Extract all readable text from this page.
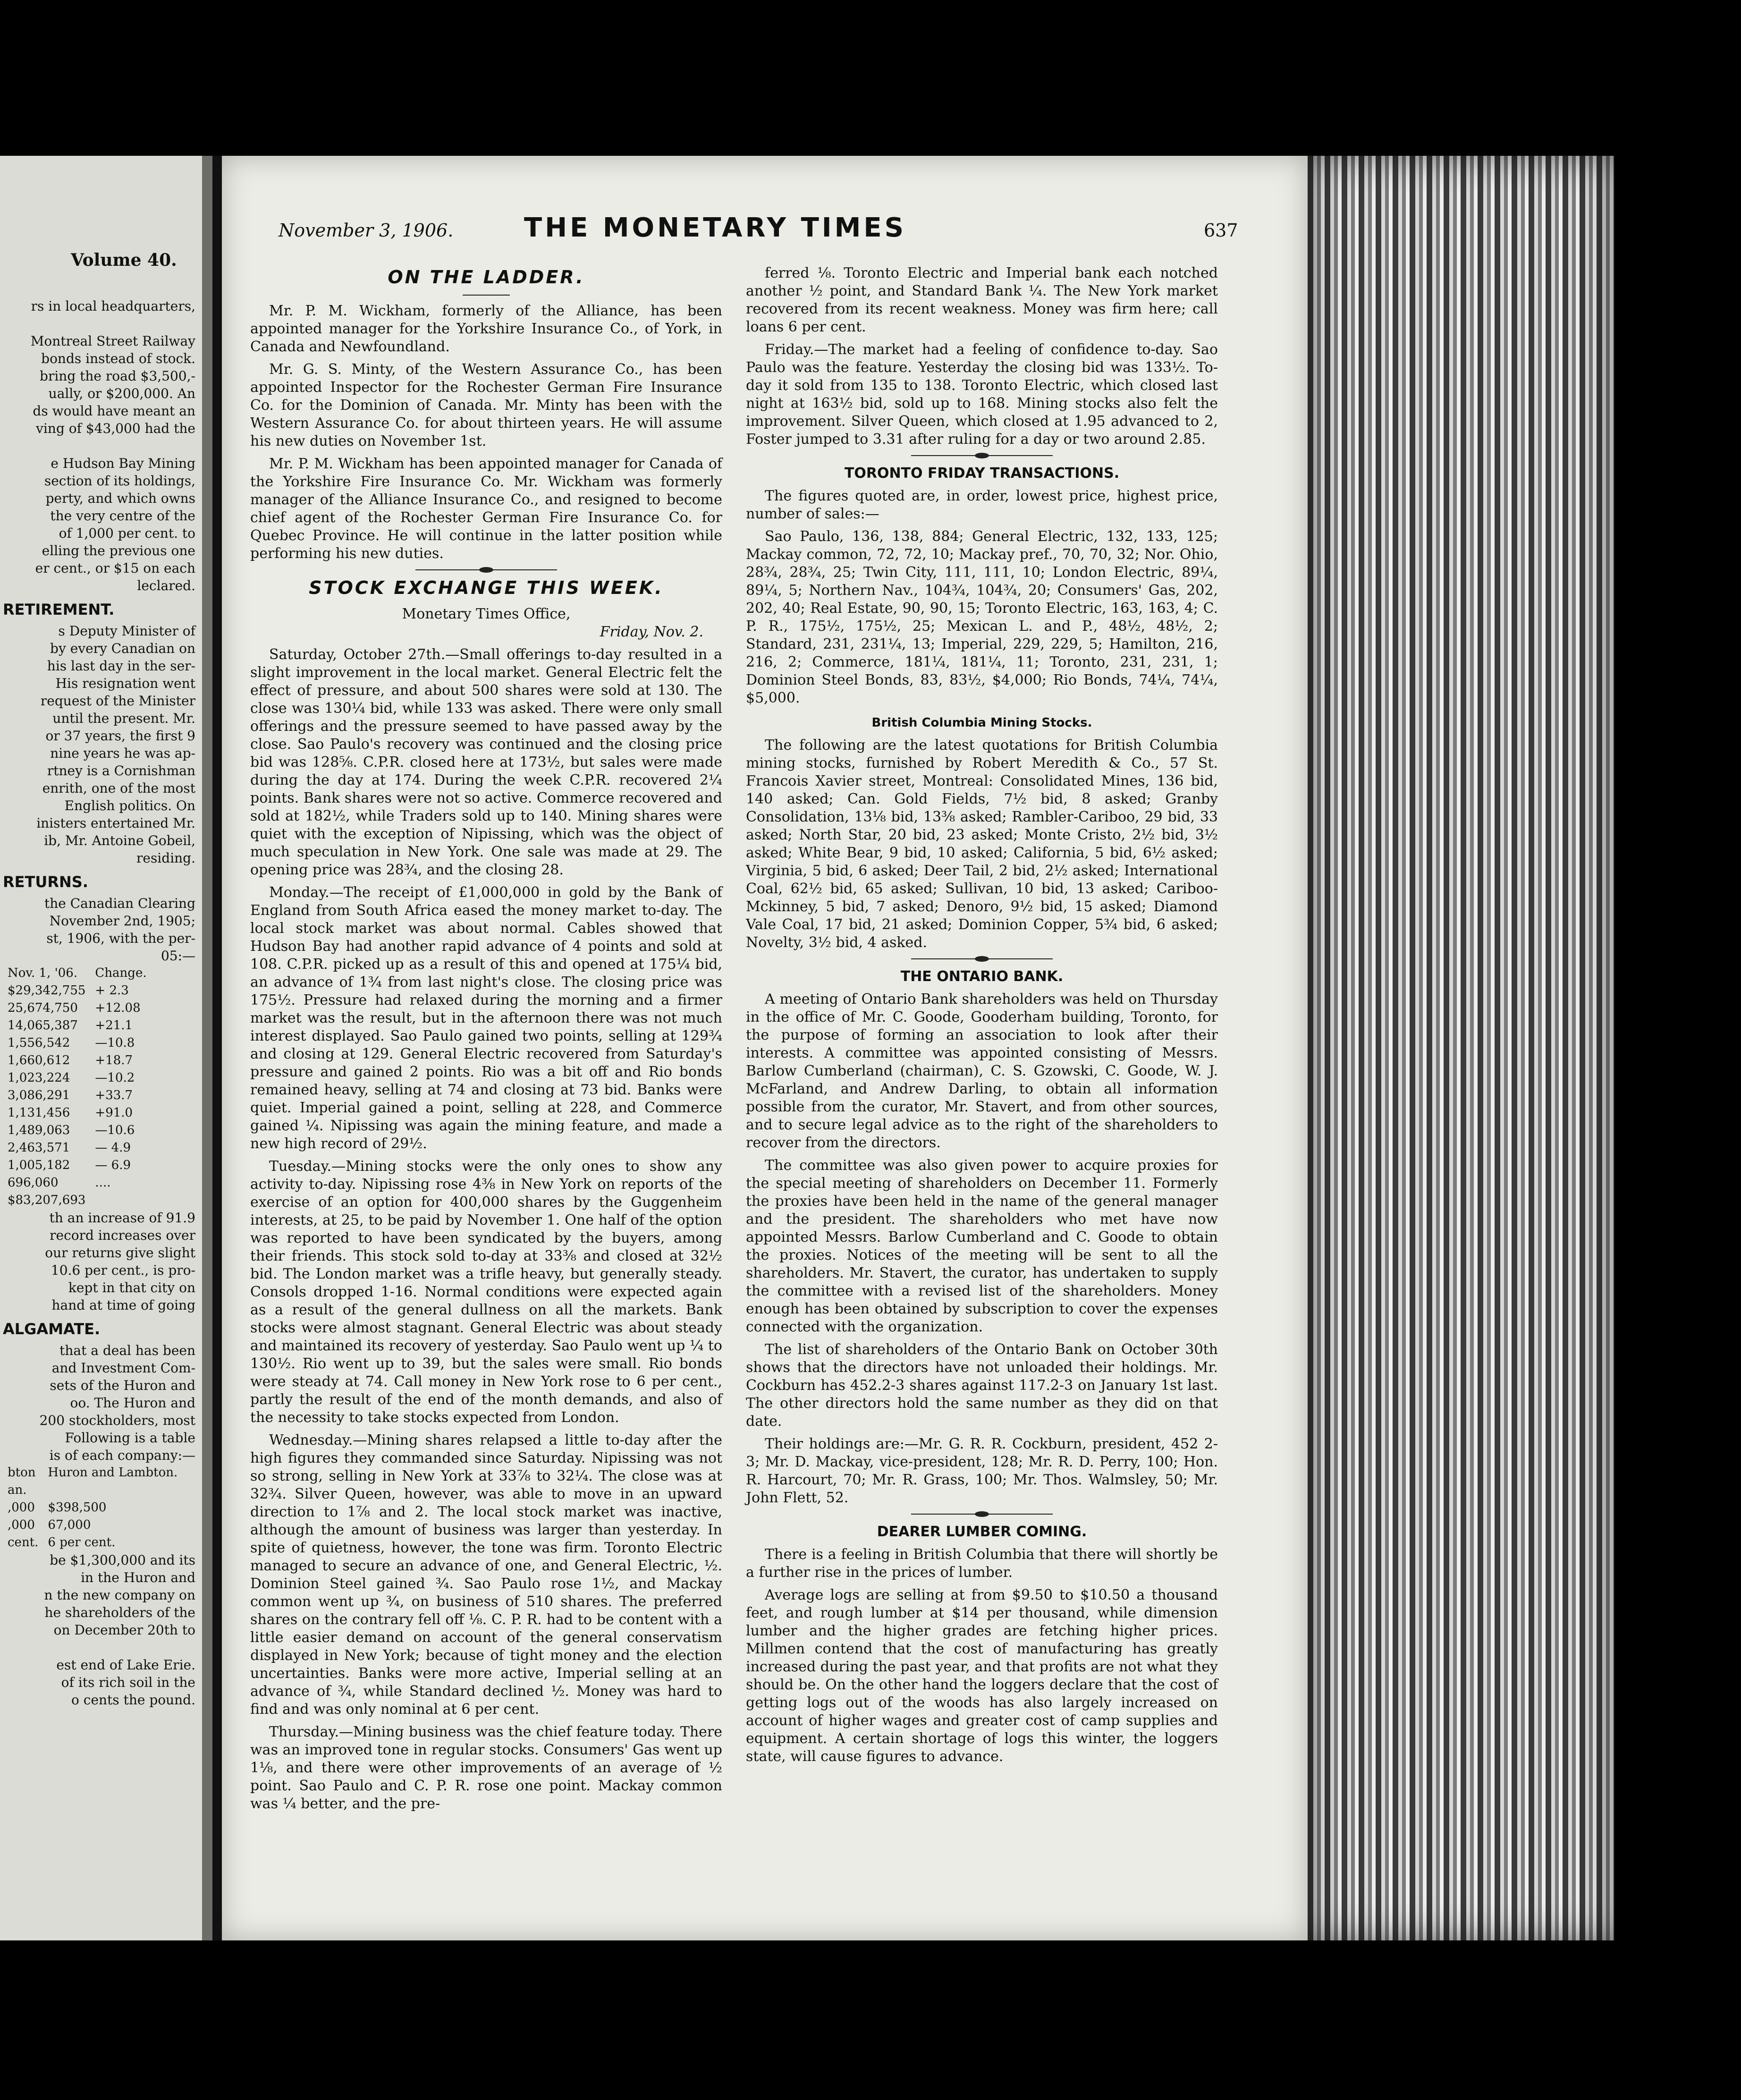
Volume 40.

rs in local headquarters,

Montreal Street Railway

bonds instead of stock.

bring the road $3,500,-

ually, or $200,000. An

ds would have meant an

ving of $43,000 had the

e Hudson Bay Mining

section of its holdings,

perty, and which owns

the very centre of the

of 1,000 per cent. to

elling the previous one

er cent., or $15 on each

leclared.

RETIREMENT.

s Deputy Minister of

by every Canadian on

his last day in the ser-

His resignation went

request of the Minister

until the present. Mr.

or 37 years, the first 9

nine years he was ap-

rtney is a Cornishman

enrith, one of the most

English politics. On

inisters entertained Mr.

ib, Mr. Antoine Gobeil,

residing.

RETURNS.

the Canadian Clearing

November 2nd, 1905;

st, 1906, with the per-

05:—

Nov. 1, '06.	Change.
$29,342,755	+ 2.3
25,674,750	+12.08
14,065,387	+21.1
1,556,542	—10.8
1,660,612	+18.7
1,023,224	—10.2
3,086,291	+33.7
1,131,456	+91.0
1,489,063	—10.6
2,463,571	— 4.9
1,005,182	— 6.9
696,060	....
$83,207,693	

th an increase of 91.9

record increases over

our returns give slight

10.6 per cent., is pro-

kept in that city on

hand at time of going

ALGAMATE.

that a deal has been

and Investment Com-

sets of the Huron and

oo. The Huron and

200 stockholders, most

Following is a table

is of each company:—

bton	Huron and Lambton.
an.	
,000	$398,500
,000	67,000
cent.	6 per cent.

be $1,300,000 and its

in the Huron and

n the new company on

he shareholders of the

on December 20th to

est end of Lake Erie.

of its rich soil in the

o cents the pound.

November 3, 1906.	THE MONETARY TIMES	637
ON THE LADDER.

Mr. P. M. Wickham, formerly of the Alliance, has been appointed manager for the Yorkshire Insurance Co., of York, in Canada and Newfoundland.

Mr. G. S. Minty, of the Western Assurance Co., has been appointed Inspector for the Rochester German Fire Insurance Co. for the Dominion of Canada. Mr. Minty has been with the Western Assurance Co. for about thirteen years. He will assume his new duties on November 1st.

Mr. P. M. Wickham has been appointed manager for Canada of the Yorkshire Fire Insurance Co. Mr. Wickham was formerly manager of the Alliance Insurance Co., and resigned to become chief agent of the Rochester German Fire Insurance Co. for Quebec Province. He will continue in the latter position while performing his new duties.

STOCK EXCHANGE THIS WEEK.

Monetary Times Office,

Friday, Nov. 2.

Saturday, October 27th.—Small offerings to-day resulted in a slight improvement in the local market. General Electric felt the effect of pressure, and about 500 shares were sold at 130. The close was 130¼ bid, while 133 was asked. There were only small offerings and the pressure seemed to have passed away by the close. Sao Paulo's recovery was continued and the closing price bid was 128⅝. C.P.R. closed here at 173½, but sales were made during the day at 174. During the week C.P.R. recovered 2¼ points. Bank shares were not so active. Commerce recovered and sold at 182½, while Traders sold up to 140. Mining shares were quiet with the exception of Nipissing, which was the object of much speculation in New York. One sale was made at 29. The opening price was 28¾, and the closing 28.

Monday.—The receipt of £1,000,000 in gold by the Bank of England from South Africa eased the money market to-day. The local stock market was about normal. Cables showed that Hudson Bay had another rapid advance of 4 points and sold at 108. C.P.R. picked up as a result of this and opened at 175¼ bid, an advance of 1¾ from last night's close. The closing price was 175½. Pressure had relaxed during the morning and a firmer market was the result, but in the afternoon there was not much interest displayed. Sao Paulo gained two points, selling at 129¾ and closing at 129. General Electric recovered from Saturday's pressure and gained 2 points. Rio was a bit off and Rio bonds remained heavy, selling at 74 and closing at 73 bid. Banks were quiet. Imperial gained a point, selling at 228, and Commerce gained ¼. Nipissing was again the mining feature, and made a new high record of 29½.

Tuesday.—Mining stocks were the only ones to show any activity to-day. Nipissing rose 4⅜ in New York on reports of the exercise of an option for 400,000 shares by the Guggenheim interests, at 25, to be paid by November 1. One half of the option was reported to have been syndicated by the buyers, among their friends. This stock sold to-day at 33⅜ and closed at 32½ bid. The London market was a trifle heavy, but generally steady. Consols dropped 1-16. Normal conditions were expected again as a result of the general dullness on all the markets. Bank stocks were almost stagnant. General Electric was about steady and maintained its recovery of yesterday. Sao Paulo went up ¼ to 130½. Rio went up to 39, but the sales were small. Rio bonds were steady at 74. Call money in New York rose to 6 per cent., partly the result of the end of the month demands, and also of the necessity to take stocks expected from London.

Wednesday.—Mining shares relapsed a little to-day after the high figures they commanded since Saturday. Nipissing was not so strong, selling in New York at 33⅞ to 32¼. The close was at 32¾. Silver Queen, however, was able to move in an upward direction to 1⅞ and 2. The local stock market was inactive, although the amount of business was larger than yesterday. In spite of quietness, however, the tone was firm. Toronto Electric managed to secure an advance of one, and General Electric, ½. Dominion Steel gained ¾. Sao Paulo rose 1½, and Mackay common went up ¾, on business of 510 shares. The preferred shares on the contrary fell off ⅛. C. P. R. had to be content with a little easier demand on account of the general conservatism displayed in New York; because of tight money and the election uncertainties. Banks were more active, Imperial selling at an advance of ¾, while Standard declined ½. Money was hard to find and was only nominal at 6 per cent.

Thursday.—Mining business was the chief feature today. There was an improved tone in regular stocks. Consumers' Gas went up 1⅛, and there were other improvements of an average of ½ point. Sao Paulo and C. P. R. rose one point. Mackay common was ¼ better, and the pre-

ferred ⅛. Toronto Electric and Imperial bank each notched another ½ point, and Standard Bank ¼. The New York market recovered from its recent weakness. Money was firm here; call loans 6 per cent.

Friday.—The market had a feeling of confidence to-day. Sao Paulo was the feature. Yesterday the closing bid was 133½. To-day it sold from 135 to 138. Toronto Electric, which closed last night at 163½ bid, sold up to 168. Mining stocks also felt the improvement. Silver Queen, which closed at 1.95 advanced to 2, Foster jumped to 3.31 after ruling for a day or two around 2.85.

TORONTO FRIDAY TRANSACTIONS.

The figures quoted are, in order, lowest price, highest price, number of sales:—

Sao Paulo, 136, 138, 884; General Electric, 132, 133, 125; Mackay common, 72, 72, 10; Mackay pref., 70, 70, 32; Nor. Ohio, 28¾, 28¾, 25; Twin City, 111, 111, 10; London Electric, 89¼, 89¼, 5; Northern Nav., 104¾, 104¾, 20; Consumers' Gas, 202, 202, 40; Real Estate, 90, 90, 15; Toronto Electric, 163, 163, 4; C. P. R., 175½, 175½, 25; Mexican L. and P., 48½, 48½, 2; Standard, 231, 231¼, 13; Imperial, 229, 229, 5; Hamilton, 216, 216, 2; Commerce, 181¼, 181¼, 11; Toronto, 231, 231, 1; Dominion Steel Bonds, 83, 83½, $4,000; Rio Bonds, 74¼, 74¼, $5,000.

British Columbia Mining Stocks.

The following are the latest quotations for British Columbia mining stocks, furnished by Robert Meredith & Co., 57 St. Francois Xavier street, Montreal: Consolidated Mines, 136 bid, 140 asked; Can. Gold Fields, 7½ bid, 8 asked; Granby Consolidation, 13⅛ bid, 13⅜ asked; Rambler-Cariboo, 29 bid, 33 asked; North Star, 20 bid, 23 asked; Monte Cristo, 2½ bid, 3½ asked; White Bear, 9 bid, 10 asked; California, 5 bid, 6½ asked; Virginia, 5 bid, 6 asked; Deer Tail, 2 bid, 2½ asked; International Coal, 62½ bid, 65 asked; Sullivan, 10 bid, 13 asked; Cariboo-Mckinney, 5 bid, 7 asked; Denoro, 9½ bid, 15 asked; Diamond Vale Coal, 17 bid, 21 asked; Dominion Copper, 5¾ bid, 6 asked; Novelty, 3½ bid, 4 asked.

THE ONTARIO BANK.

A meeting of Ontario Bank shareholders was held on Thursday in the office of Mr. C. Goode, Gooderham building, Toronto, for the purpose of forming an association to look after their interests. A committee was appointed consisting of Messrs. Barlow Cumberland (chairman), C. S. Gzowski, C. Goode, W. J. McFarland, and Andrew Darling, to obtain all information possible from the curator, Mr. Stavert, and from other sources, and to secure legal advice as to the right of the shareholders to recover from the directors.

The committee was also given power to acquire proxies for the special meeting of shareholders on December 11. Formerly the proxies have been held in the name of the general manager and the president. The shareholders who met have now appointed Messrs. Barlow Cumberland and C. Goode to obtain the proxies. Notices of the meeting will be sent to all the shareholders. Mr. Stavert, the curator, has undertaken to supply the committee with a revised list of the shareholders. Money enough has been obtained by subscription to cover the expenses connected with the organization.

The list of shareholders of the Ontario Bank on October 30th shows that the directors have not unloaded their holdings. Mr. Cockburn has 452.2-3 shares against 117.2-3 on January 1st last. The other directors hold the same number as they did on that date.

Their holdings are:—Mr. G. R. R. Cockburn, president, 452 2-3; Mr. D. Mackay, vice-president, 128; Mr. R. D. Perry, 100; Hon. R. Harcourt, 70; Mr. R. Grass, 100; Mr. Thos. Walmsley, 50; Mr. John Flett, 52.

DEARER LUMBER COMING.

There is a feeling in British Columbia that there will shortly be a further rise in the prices of lumber.

Average logs are selling at from $9.50 to $10.50 a thousand feet, and rough lumber at $14 per thousand, while dimension lumber and the higher grades are fetching higher prices. Millmen contend that the cost of manufacturing has greatly increased during the past year, and that profits are not what they should be. On the other hand the loggers declare that the cost of getting logs out of the woods has also largely increased on account of higher wages and greater cost of camp supplies and equipment. A certain shortage of logs this winter, the loggers state, will cause figures to advance.
